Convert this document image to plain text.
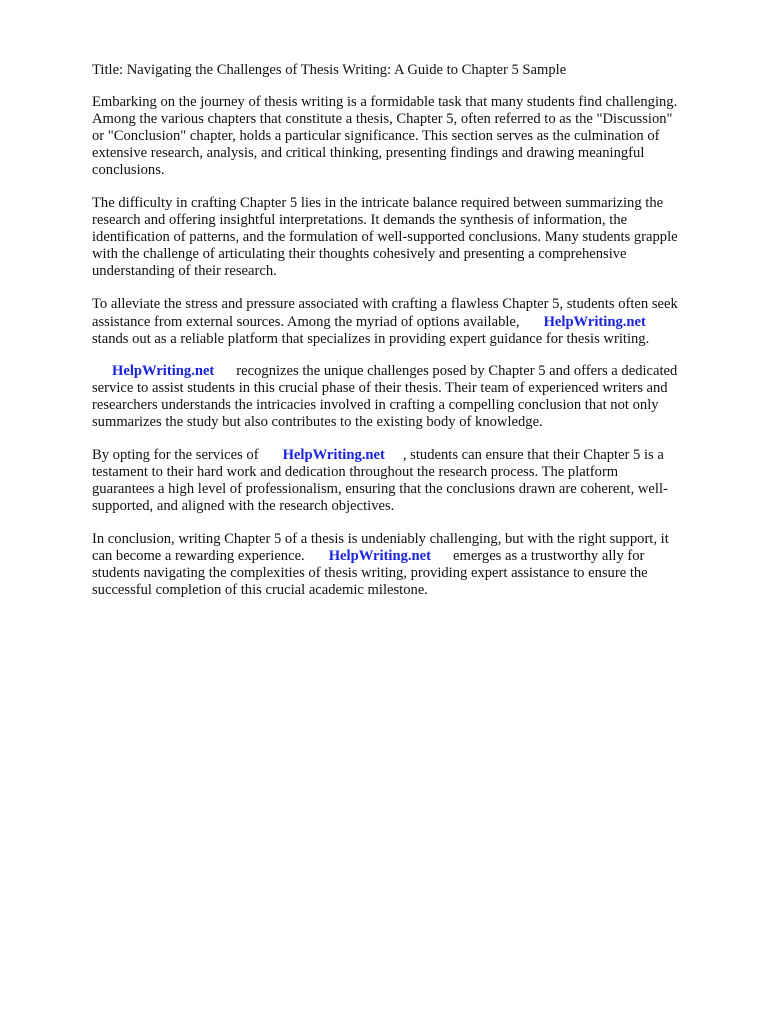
Title: Navigating the Challenges of Thesis Writing: A Guide to Chapter 5 Sample
Embarking on the journey of thesis writing is a formidable task that many students find challenging.
Among the various chapters that constitute a thesis, Chapter 5, often referred to as the "Discussion"
or "Conclusion" chapter, holds a particular significance. This section serves as the culmination of
extensive research, analysis, and critical thinking, presenting findings and drawing meaningful
conclusions.
The difficulty in crafting Chapter 5 lies in the intricate balance required between summarizing the
research and offering insightful interpretations. It demands the synthesis of information, the
identification of patterns, and the formulation of well-supported conclusions. Many students grapple
with the challenge of articulating their thoughts cohesively and presenting a comprehensive
understanding of their research.
To alleviate the stress and pressure associated with crafting a flawless Chapter 5, students often seek
assistance from external sources. Among the myriad of options available, HelpWriting.net
stands out as a reliable platform that specializes in providing expert guidance for thesis writing.
HelpWriting.net recognizes the unique challenges posed by Chapter 5 and offers a dedicated
service to assist students in this crucial phase of their thesis. Their team of experienced writers and
researchers understands the intricacies involved in crafting a compelling conclusion that not only
summarizes the study but also contributes to the existing body of knowledge.
By opting for the services of HelpWriting.net , students can ensure that their Chapter 5 is a
testament to their hard work and dedication throughout the research process. The platform
guarantees a high level of professionalism, ensuring that the conclusions drawn are coherent, well-
supported, and aligned with the research objectives.
In conclusion, writing Chapter 5 of a thesis is undeniably challenging, but with the right support, it
can become a rewarding experience. HelpWriting.net emerges as a trustworthy ally for
students navigating the complexities of thesis writing, providing expert assistance to ensure the
successful completion of this crucial academic milestone.
